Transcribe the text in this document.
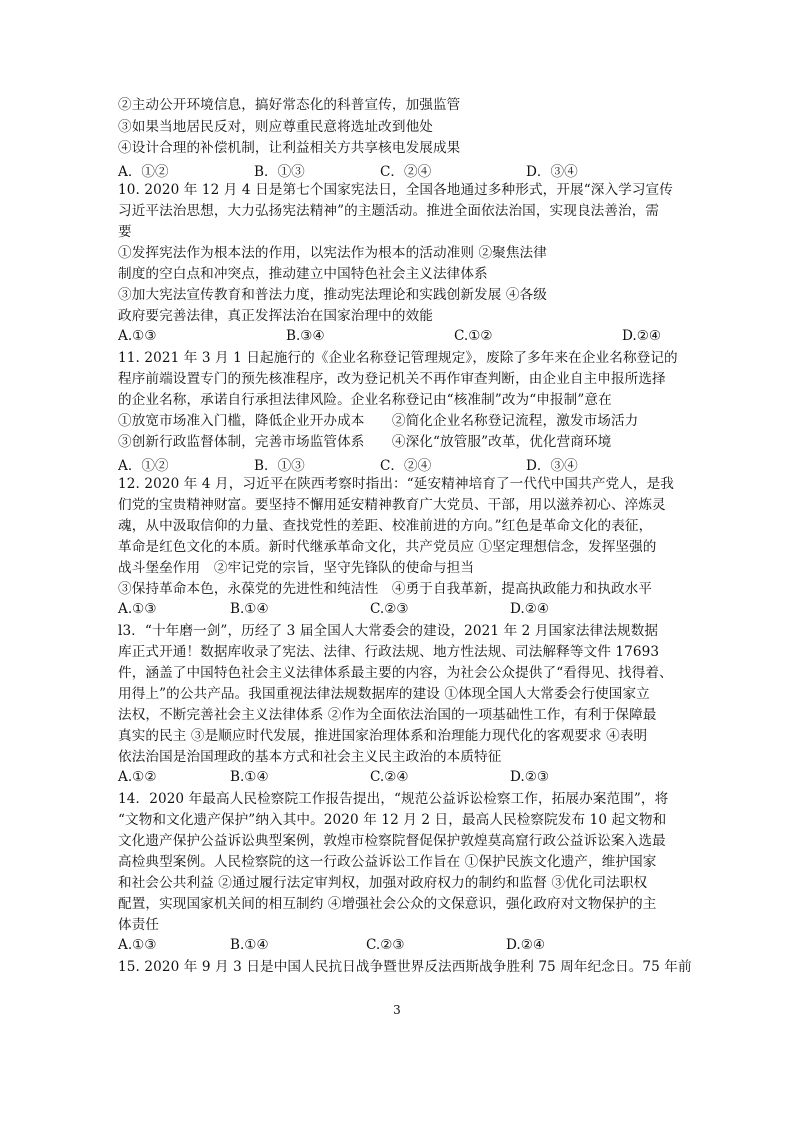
②主动公开环境信息，搞好常态化的科普宣传，加强监管
③如果当地居民反对，则应尊重民意将选址改到他处
④设计合理的补偿机制，让利益相关方共享核电发展成果
A．①②	B．①③	C．②④	D．③④
10. 2020 年 12 月 4 日是第七个国家宪法日，全国各地通过多种形式，开展“深入学习宣传
习近平法治思想，大力弘扬宪法精神”的主题活动。推进全面依法治国，实现良法善治，需
要
①发挥宪法作为根本法的作用，以宪法作为根本的活动准则 ②聚焦法律
制度的空白点和冲突点，推动建立中国特色社会主义法律体系
③加大宪法宣传教育和普法力度，推动宪法理论和实践创新发展 ④各级
政府要完善法律，真正发挥法治在国家治理中的效能
A.①③	B.③④	C.①②	D.②④
11. 2021 年 3 月 1 日起施行的《企业名称登记管理规定》，废除了多年来在企业名称登记的
程序前端设置专门的预先核准程序，改为登记机关不再作审查判断，由企业自主申报所选择
的企业名称，承诺自行承担法律风险。企业名称登记由“核准制”改为“申报制”意在
①放宽市场准入门槛，降低企业开办成本　　②简化企业名称登记流程，激发市场活力
③创新行政监督体制，完善市场监管体系　　④深化“放管服”改革，优化营商环境
A．①②	B．①③	C．②④	D．③④
12. 2020 年 4 月，习近平在陕西考察时指出：“延安精神培育了一代代中国共产党人，是我
们党的宝贵精神财富。要坚持不懈用延安精神教育广大党员、干部，用以滋养初心、淬炼灵
魂，从中汲取信仰的力量、查找党性的差距、校准前进的方向。”红色是革命文化的表征，
革命是红色文化的本质。新时代继承革命文化，共产党员应 ①坚定理想信念，发挥坚强的
战斗堡垒作用　②牢记党的宗旨，坚守先锋队的使命与担当
③保持革命本色，永葆党的先进性和纯洁性　④勇于自我革新，提高执政能力和执政水平
A.①③	B.①④	C.②③	D.②④
l3．“十年磨一剑”，历经了 3 届全国人大常委会的建设，2021 年 2 月国家法律法规数据
库正式开通！数据库收录了宪法、法律、行政法规、地方性法规、司法解释等文件 17693
件，涵盖了中国特色社会主义法律体系最主要的内容，为社会公众提供了“看得见、找得着、
用得上”的公共产品。我国重视法律法规数据库的建设 ①体现全国人大常委会行使国家立
法权，不断完善社会主义法律体系 ②作为全面依法治国的一项基础性工作，有利于保障最
真实的民主 ③是顺应时代发展，推进国家治理体系和治理能力现代化的客观要求 ④表明
依法治国是治国理政的基本方式和社会主义民主政治的本质特征
A.①②	B.①④	C.②④	D.②③
14．2020 年最高人民检察院工作报告提出，“规范公益诉讼检察工作，拓展办案范围”，将
“文物和文化遗产保护”纳入其中。2020 年 12 月 2 日，最高人民检察院发布 10 起文物和
文化遗产保护公益诉讼典型案例，敦煌市检察院督促保护敦煌莫高窟行政公益诉讼案入选最
高检典型案例。人民检察院的这一行政公益诉讼工作旨在 ①保护民族文化遗产，维护国家
和社会公共利益 ②通过履行法定审判权，加强对政府权力的制约和监督 ③优化司法职权
配置，实现国家机关间的相互制约 ④增强社会公众的文保意识，强化政府对文物保护的主
体责任
A.①③	B.①④	C.②③	D.②④
15. 2020 年 9 月 3 日是中国人民抗日战争暨世界反法西斯战争胜利 75 周年纪念日。75 年前
3
